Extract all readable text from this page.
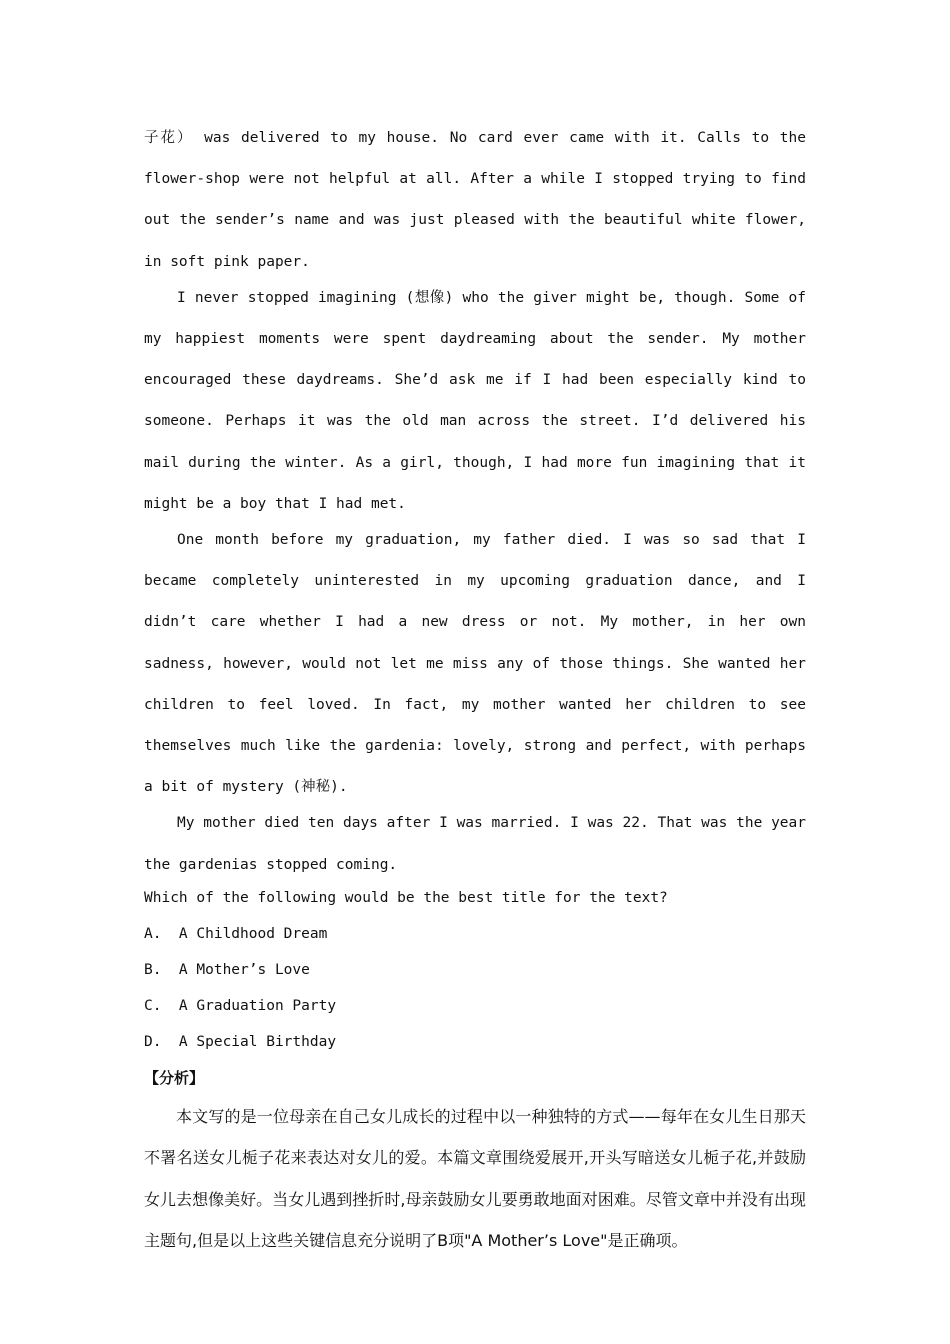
子花） was delivered to my house. No card ever came with it. Calls to the flower-shop were not helpful at all. After a while I stopped trying to find out the sender’s name and was just pleased with the beautiful white flower, in soft pink paper.

I never stopped imagining (想像) who the giver might be, though. Some of my happiest moments were spent daydreaming about the sender. My mother encouraged these daydreams. She’d ask me if I had been especially kind to someone. Perhaps it was the old man across the street. I’d delivered his mail during the winter. As a girl, though, I had more fun imagining that it might be a boy that I had met.

One month before my graduation, my father died. I was so sad that I became completely uninterested in my upcoming graduation dance, and I didn’t care whether I had a new dress or not. My mother, in her own sadness, however, would not let me miss any of those things. She wanted her children to feel loved. In fact, my mother wanted her children to see themselves much like the gardenia: lovely, strong and perfect, with perhaps a bit of mystery (神秘).

My mother died ten days after I was married. I was 22. That was the year the gardenias stopped coming.

Which of the following would be the best title for the text?

A.  A Childhood Dream

B.  A Mother’s Love

C.  A Graduation Party

D.  A Special Birthday

【分析】

本文写的是一位母亲在自己女儿成长的过程中以一种独特的方式——每年在女儿生日那天不署名送女儿栀子花来表达对女儿的爱。本篇文章围绕爱展开,开头写暗送女儿栀子花,并鼓励女儿去想像美好。当女儿遇到挫折时,母亲鼓励女儿要勇敢地面对困难。尽管文章中并没有出现主题句,但是以上这些关键信息充分说明了B项"A Mother’s Love"是正确项。
